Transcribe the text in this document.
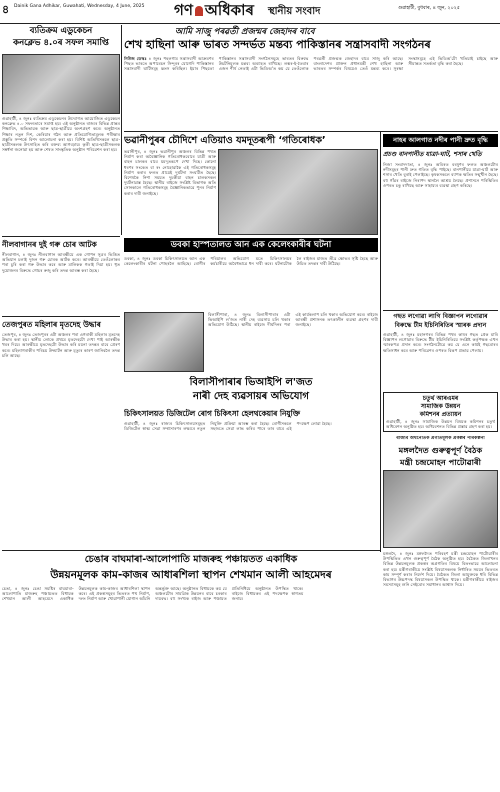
৪ Dainik Gana Adhikar, Guwahati, Wednesday, 4 June, 2025 গণ অধিকাৰ স্থানীয় সংবাদ	গুৱাহাটী, বুধবাৰ, ৪ জুন, ২০২৫
ব্যতিক্ৰম এডুকেচন
কনক্লেভ ৪.০ৰ সফল সমাপ্তি
গুৱাহাটী, ৪ জুনঃ ব্যতিক্ৰম এডুকেচনৰ উদ্যোগত আয়োজিত এডুকেচন কনক্লেভ ৪.০ সফলতাৰে সমাপ্ত হয়। এই অনুষ্ঠানত ৰাজ্যৰ বিভিন্ন প্ৰান্তৰ শিক্ষাবিদ, অভিভাৱক আৰু ছাত্ৰ-ছাত্ৰীয়ে অংশগ্ৰহণ কৰে। অনুষ্ঠানত শিক্ষাৰ নতুন দিশ, কেৰিয়াৰ গঠন আৰু প্ৰতিযোগিতামূলক পৰীক্ষাৰ প্ৰস্তুতি সম্পৰ্কে বিশদ আলোচনা কৰা হয়। বিশিষ্ট অতিথিসকলে ছাত্ৰ-ছাত্ৰীসকলক উৎসাহিত কৰি বক্তব্য আগবঢ়ায়। কৃতী ছাত্ৰ-ছাত্ৰীসকলক সম্বৰ্ধনা জনোৱা হয় আৰু শেষত সাংস্কৃতিক অনুষ্ঠান পৰিৱেশন কৰা হয়।
আমি সাজু পৰৱৰ্তী প্ৰজন্মৰ জেহাদৰ বাবে
শেখ হাছিনা আৰু ভাৰত সন্দৰ্ভত মন্তব্য পাকিস্তানৰ সন্ত্ৰাসবাদী সংগঠনৰ
নিউজ ডেস্কঃ ৪ জুনঃ পহলগাম সন্ত্ৰাসবাদী আক্ৰমণৰ পিছত ভাৰতে অপাৰেচন সিন্দূৰৰ যোগেদি পাকিস্তানৰ সন্ত্ৰাসবাদী ঘাটিসমূহ ধ্বংস কৰিছিল। ইয়াৰ পিছতো পাকিস্তানৰ সন্ত্ৰাসবাদী সংগঠনসমূহে ভাৰতৰ বিৰুদ্ধে উচটনিমূলক মন্তব্য অব্যাহত ৰাখিছে। লস্কৰ-ই-তৈবাৰ এজন শীৰ্ষ নেতাই এটা ভিডিঅ'ত কয় যে তেওঁলোক পৰৱৰ্তী প্ৰজন্মক জেহাদৰ বাবে সাজু কৰি আছে। বাংলাদেশৰ প্ৰাক্তন প্ৰধানমন্ত্ৰী শেখ হাছিনা আৰু ভাৰতৰ সম্পৰ্কৰ বিষয়েও তেওঁ মন্তব্য কৰে। সুৰক্ষা সংস্থাসমূহে এই ভিডিঅ'টো খতিয়াই চাইছে আৰু সীমান্তত সতৰ্কতা বৃদ্ধি কৰা হৈছে।
ভৱানীপুৰৰ চৌদিশে এতিয়াও যমদূতৰূপী ‘গতিৰোধক’
ভৱানীপুৰ, ৪ জুনঃ ভৱানীপুৰ অঞ্চলৰ বিভিন্ন পথত নিৰ্মাণ কৰা অবৈজ্ঞানিক গতিৰোধকবোৰে যাত্ৰী আৰু বাহন চালকৰ বাবে যমদূতৰূপে দেখা দিছে। কোনো ধৰণৰ সংকেত বা ৰং নোহোৱাকৈ এই গতিৰোধকসমূহ নিৰ্মাণ কৰাৰ ফলত প্ৰায়েই দুৰ্ঘটনা সংঘটিত হৈছে। বিশেষকৈ নিশা সময়ত দুচকীয়া বাহন চালকসকল দুৰ্ঘটনাগ্ৰস্ত হৈছে। স্থানীয় ৰাইজে সংশ্লিষ্ট বিভাগক অতি সোনকালে গতিৰোধকসমূহ বৈজ্ঞানিকভাৱে পুনৰ নিৰ্মাণ কৰাৰ দাবী জনাইছে।
নাহৰ আলগাত নদীৰ পানী দ্ৰুত বৃদ্ধি
প্ৰচণ্ড বানপানীত যাত্ৰা-ঘাট, শসাৰ খেতি
নিজা সংবাদদাতা, ৪ জুনঃ অবিৰত বৰষুণৰ ফলত অঞ্চলটোৰ নদীসমূহৰ পানী দ্ৰুত গতিত বৃদ্ধি পাইছে। বানপানীয়ে যাত্ৰা-ঘাট আৰু শসাৰ খেতি বুৰাই পেলাইছে। কৃষকসকলে ব্যাপক ক্ষতিৰ সন্মুখীন হৈছে। বহু গাঁৱৰ ৰাইজে নিৰাপদ স্থানলৈ আশ্ৰয় লৈছে। প্ৰশাসনে পৰিস্থিতিৰ ওপৰত চকু ৰাখিছে আৰু সাহায্যৰ ব্যৱস্থা গ্ৰহণ কৰিছে।
ডবকা হাস্পতালত আন এক কেলেংকাৰীৰ ঘটনা
ডবকা, ৪ জুনঃ ডবকা চিকিৎসালয়ত আন এক কেলেংকাৰীৰ ঘটনা পোহৰলৈ আহিছে। ৰোগীৰ পৰিয়ালৰ অভিযোগ মতে চিকিৎসালয়ৰ কৰ্মচাৰীয়ে অবৈধভাৱে ধন দাবী কৰে। ঘটনাটোক লৈ ৰাইজৰ মাজত তীব্ৰ ক্ষোভৰ সৃষ্টি হৈছে আৰু উচিত তদন্তৰ দাবী উঠিছে।
নীলবাগানৰ দুই গৰু চোৰ আটক
নীলবাগান, ৪ জুনঃ নীলবাগান আৰক্ষীয়ে এক গোপন সূত্ৰৰ ভিত্তিত অভিযান চলাই দুজন গৰু চোৰক আটক কৰে। আৰক্ষীয়ে তেওঁলোকৰ পৰা চুৰি কৰা গৰু উদ্ধাৰ কৰে আৰু মালিকক গতাই দিয়া হয়। ধৃত দুয়োজনৰ বিৰুদ্ধে গোচৰ ৰুজু কৰি তদন্ত আৰম্ভ কৰা হৈছে।
তেজপুৰত মহিলাৰ মৃতদেহ উদ্ধাৰ
তেজপুৰ, ৪ জুনঃ তেজপুৰৰ এটা অঞ্চলৰ পৰা এগৰাকী মহিলাৰ মৃতদেহ উদ্ধাৰ কৰা হয়। স্থানীয় লোকে প্ৰথমে মৃতদেহটো দেখা পাই আৰক্ষীক খবৰ দিয়ে। আৰক্ষীয়ে মৃতদেহটো উদ্ধাৰ কৰি ময়না তদন্তৰ বাবে প্ৰেৰণ কৰে। মহিলাগৰাকীৰ পৰিচয় উদ্ঘাটন আৰু মৃত্যুৰ কাৰণ জানিবলৈ তদন্ত চলি আছে।
বিলাসীপাৰা, ৪ জুনঃ বিলাসীপাৰাৰ এটা ভিআইপি ল'জত নাৰী দেহ ব্যৱসায় চলি থকাৰ অভিযোগ উঠিছে। স্থানীয় ৰাইজে দীৰ্ঘদিনৰ পৰা এই কাৰ্যকলাপ চলি থকাৰ অভিযোগ কৰে। ৰাইজে আৰক্ষী প্ৰশাসনক তৎকালীন ব্যৱস্থা গ্ৰহণৰ দাবী জনাইছে।
বিলাসীপাৰাৰ ভিআইপি ল'জত
নাৰী দেহ ব্যৱসায়ৰ অভিযোগ
চিকিৎসালয়ত ডিজিটেল ৰোগ চিকিৎসা হেলথকেয়াৰ নিযুক্তি
গুৱাহাটী, ৪ জুনঃ ৰাজ্যৰ চিকিৎসালয়সমূহত ডিজিটেল স্বাস্থ্য সেৱা সম্প্ৰসাৰণৰ লক্ষ্যৰে নতুন নিযুক্তি প্ৰক্ৰিয়া আৰম্ভ কৰা হৈছে। ৰোগীসকলে সহজতে সেৱা লাভ কৰিব পাৰে তাৰ বাবে এই পদক্ষেপ লোৱা হৈছে।
গছত লগোৱা লাগি বিজ্ঞাপন লগোৱাৰ
বিৰুদ্ধে টীম ইচিনিৰিতিৰ স্মাৰক প্ৰদান
গুৱাহাটী, ৪ জুনঃ মহানগৰৰ বিভিন্ন পথৰ কাষৰ গছত প্ৰেক মাৰি বিজ্ঞাপন লগোৱাৰ বিৰুদ্ধে টীম ইচিনিৰিতিয়ে সংশ্লিষ্ট কৰ্তৃপক্ষক এখন স্মাৰকপত্ৰ প্ৰদান কৰে। সংগঠনটোৱে কয় যে এনে কাৰ্যই গছবোৰৰ ক্ষতিসাধন কৰে আৰু পৰিৱেশৰ ওপৰত বিৰূপ প্ৰভাৱ পেলায়।
চতুৰ্থ আৰএমৰ
সামাজিক উন্নয়ন
কমিশনৰ প্ৰত্যায়ন
গুৱাহাটী, ৪ জুনঃ সামাজিক উন্নয়ন বিষয়ক কমিশনৰ চতুৰ্থ অধিবেশন অনুষ্ঠিত হয়। অধিবেশনত বিভিন্ন প্ৰস্তাৱ গ্ৰহণ কৰা হয়।
ৰাজ্যৰ অৰ্থনৈতিক প্ৰগতিমূলক প্ৰকল্পৰ পৰিকল্পনা
মঙ্গলদৈত গুৰুত্বপূৰ্ণ বৈঠক
মন্ত্ৰী চন্দ্ৰমোহন পাটোৱাৰী
মঙ্গলদৈ, ৪ জুনঃ মঙ্গলদৈত পৰিবহণ মন্ত্ৰী চন্দ্ৰমোহন পাটোৱাৰীৰ উপস্থিতিত এখন গুৰুত্বপূৰ্ণ বৈঠক অনুষ্ঠিত হয়। বৈঠকত জিলাখনৰ বিভিন্ন উন্নয়নমূলক প্ৰকল্পৰ অগ্ৰগতিৰ বিষয়ে বিতংভাৱে আলোচনা কৰা হয়। মন্ত্ৰীগৰাকীয়ে সংশ্লিষ্ট বিষয়াসকলক নিৰ্ধাৰিত সময়ৰ ভিতৰত কাম সম্পূৰ্ণ কৰাৰ নিৰ্দেশ দিয়ে। বৈঠকত জিলা আয়ুক্তকে ধৰি বিভিন্ন বিভাগৰ উচ্চপদস্থ বিষয়াসকল উপস্থিত থাকে। মন্ত্ৰীগৰাকীয়ে ৰাইজৰ সমস্যাসমূহ শুনি সেইবোৰ সমাধানৰ আশ্বাস দিয়ে।
চেঙাৰ বাঘমাৰা-আলোপাতি মাজৰুহ পঞ্চায়তত একাধিক
উন্নয়নমূলক কাম-কাজৰ আধাৰশিলা স্থাপন শেখমান আলী আহমেদৰ
চেঙা, ৪ জুনঃ চেঙা সমষ্টিৰ বাঘমাৰা-আলোপাতি মাজৰুহ পঞ্চায়তত বিধায়ক শেখমান আলী আহমেদে একাধিক উন্নয়নমূলক কাম-কাজৰ আধাৰশিলা স্থাপন কৰে। এই প্ৰকল্পসমূহৰ ভিতৰত পথ নিৰ্মাণ, দলং নিৰ্মাণ আৰু খোৱাপানী যোগান আঁচনি অন্তৰ্ভুক্ত আছে। অনুষ্ঠানত বিধায়কে কয় যে অঞ্চলটোৰ সামগ্ৰিক উন্নয়নৰ বাবে চৰকাৰ দায়বদ্ধ। বহু সংখ্যক ৰাইজ আৰু পঞ্চায়ত প্ৰতিনিধিয়ে অনুষ্ঠানত উপস্থিত থাকে। ৰাইজে বিধায়কৰ এই পদক্ষেপক স্বাগতম জনায়।
